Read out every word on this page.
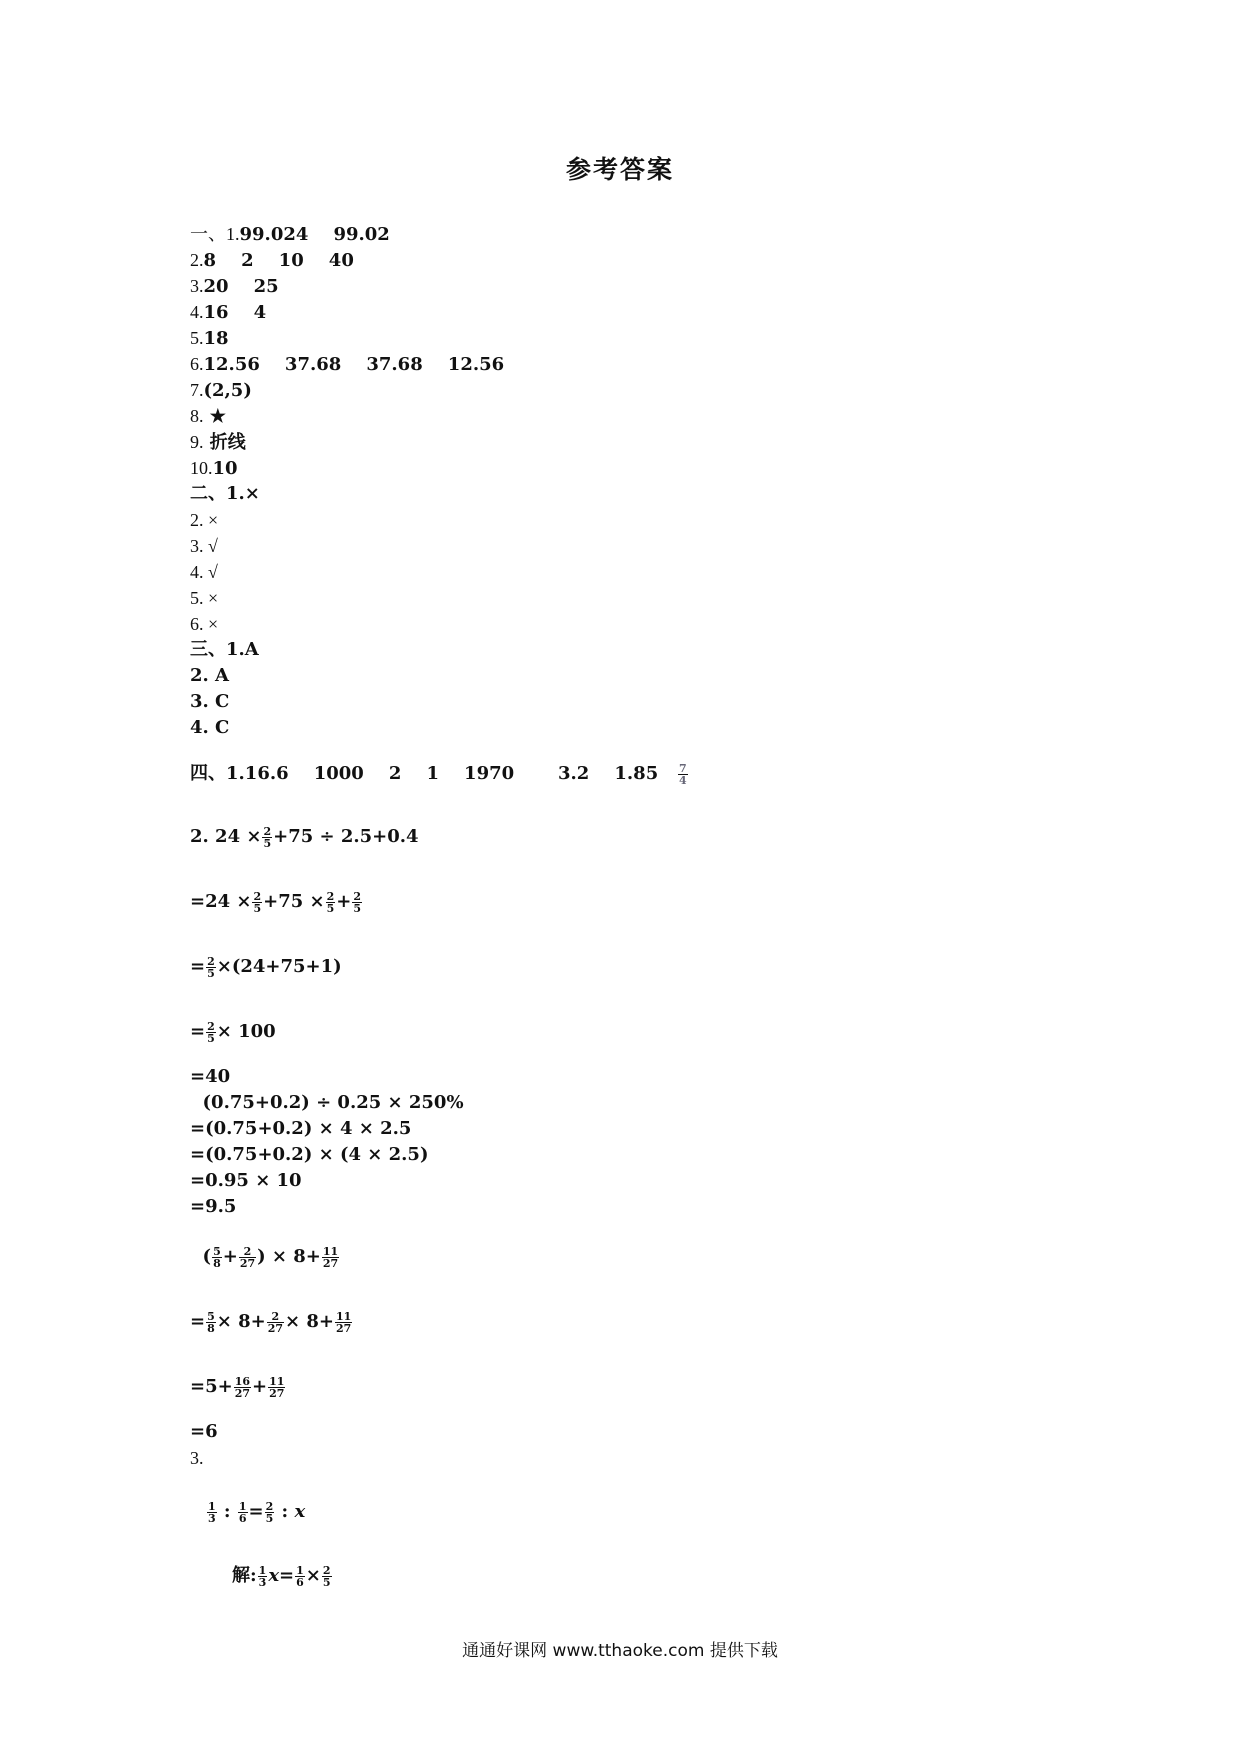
参考答案
一、1.99.024    99.02
2.8    2    10    40
3.20    25
4.16    4
5.18
6.12.56    37.68    37.68    12.56
7.(2,5)
8. ★
9. 折线
10.10
二、1.×
2. ×
3. √
4. √
5. ×
6. ×
三、1.A
2. A
3. C
4. C
四、1.16.6    1000    2    1    1970       3.2    $1.85 \frac{7}{4}$
2. $24 \times \frac{2}{5} +75 \div 2.5+0.4$
$=24 \times \frac{2}{5} +75 \times \frac{2}{5} + \frac{2}{5}$
= $\frac{2}{5} \times(24+75+1)$
= $\frac{2}{5} \times 100$
=40
(0.75+0.2) ÷ 0.25 × 250%
=(0.75+0.2) × 4 × 2.5
=(0.75+0.2) × (4 × 2.5)
=0.95 × 10
=9.5
( $\frac{5}{8} + \frac{2}{27}$ ) × $8+ \frac{11}{27}$
= $\frac{5}{8} \times 8+ \frac{2}{27} \times 8+ \frac{11}{27}$
$=5+ \frac{16}{27} + \frac{11}{27}$
=6
3.
$\frac{1}{3}$ : $\frac{1}{6} = \frac{2}{5}$ : x
解: $\frac{1}{3} x= \frac{1}{6} \times \frac{2}{5}$
通通好课网 www.tthaoke.com 提供下载
